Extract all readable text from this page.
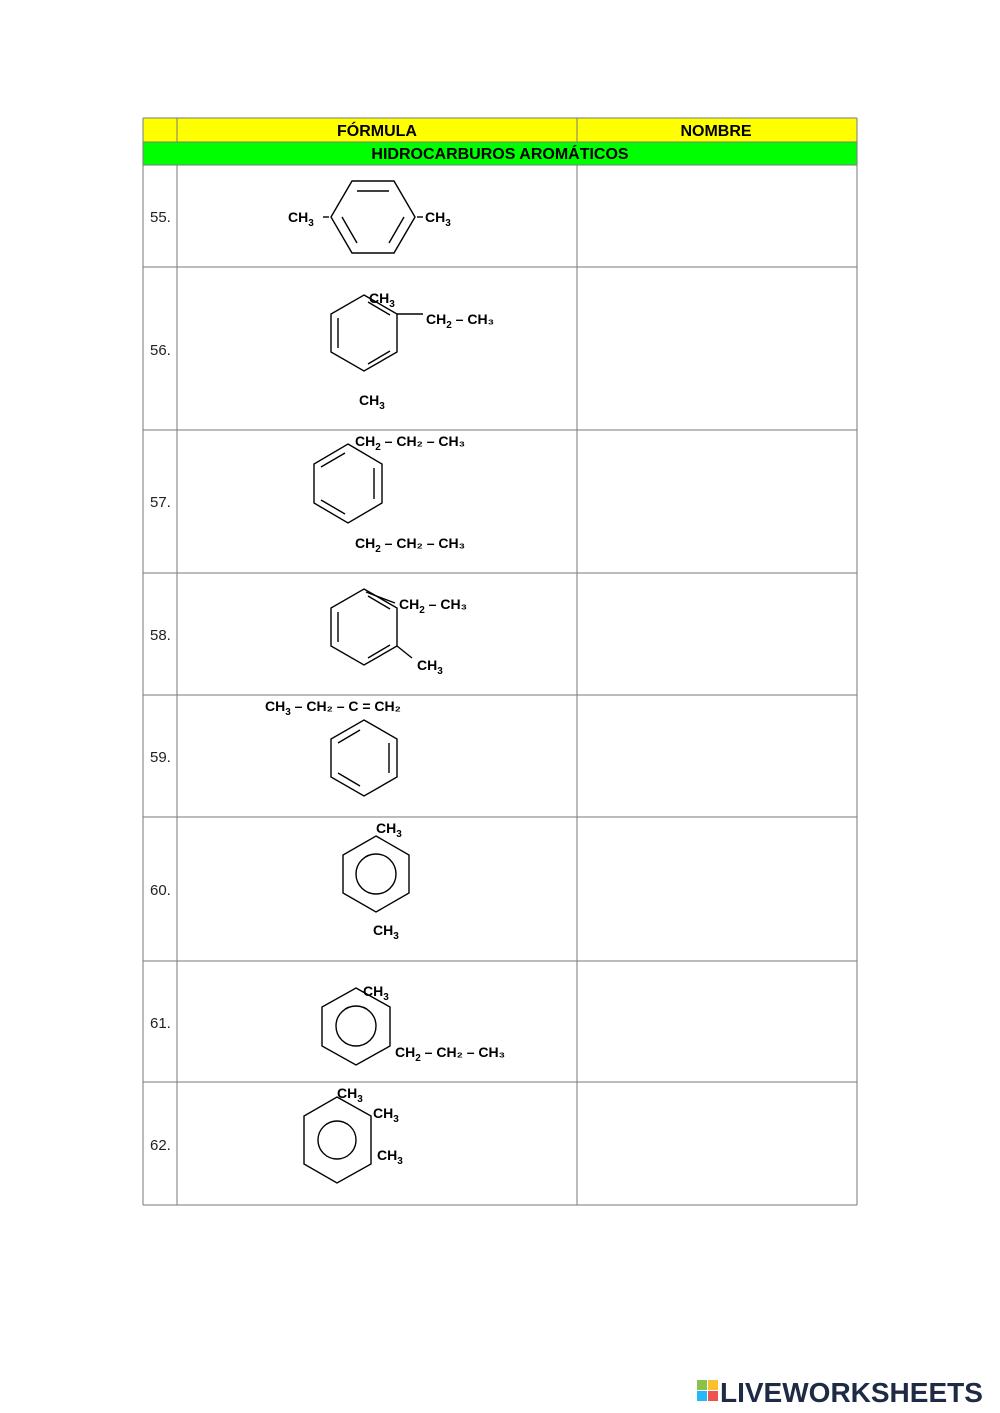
FÓRMULA	NOMBRE
HIDROCARBUROS AROMÁTICOS
55.
56.
57.
58.
59.
60.
61.
62.
$CH_3$	$CH_3$
$CH_3$
$CH_2 - CH_3$
$CH_3$
$CH_2 - CH_2 - CH_3$
$CH_2 - CH_2 - CH_3$
$CH_2 - CH_3$
$CH_3$
$CH_3 - CH_2 - C = CH_2$
$CH_3$
$CH_3$
$CH_3$
$CH_2 - CH_2 - CH_3$
$CH_3$
$CH_3$
$CH_3$
LIVEWORKSHEETS
